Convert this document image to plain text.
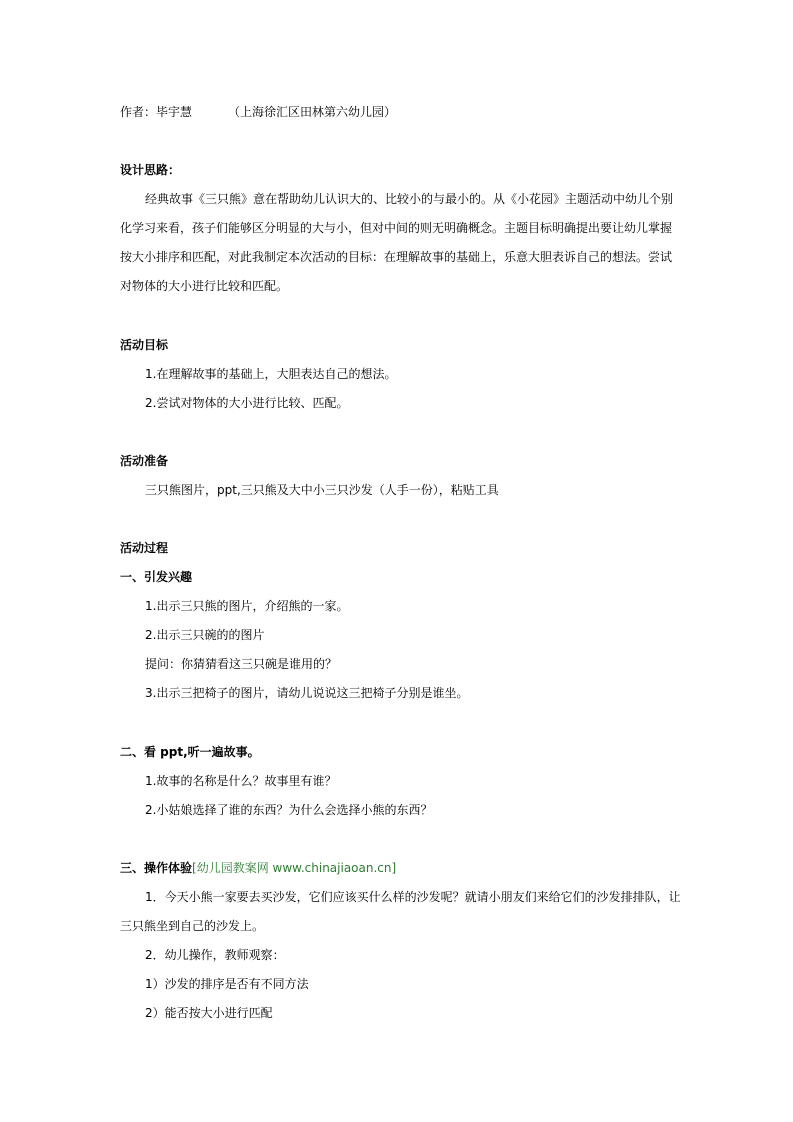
作者：毕宇慧	（上海徐汇区田林第六幼儿园）
设计思路：
经典故事《三只熊》意在帮助幼儿认识大的、比较小的与最小的。从《小花园》主题活动中幼儿个别
化学习来看，孩子们能够区分明显的大与小，但对中间的则无明确概念。主题目标明确提出要让幼儿掌握
按大小排序和匹配，对此我制定本次活动的目标：在理解故事的基础上，乐意大胆表诉自己的想法。尝试
对物体的大小进行比较和匹配。
活动目标
1.在理解故事的基础上，大胆表达自己的想法。
2.尝试对物体的大小进行比较、匹配。
活动准备
三只熊图片，ppt,三只熊及大中小三只沙发（人手一份），粘贴工具
活动过程
一、引发兴趣
1.出示三只熊的图片，介绍熊的一家。
2.出示三只碗的的图片
提问：你猜猜看这三只碗是谁用的？
3.出示三把椅子的图片，请幼儿说说这三把椅子分别是谁坐。
二、看 ppt,听一遍故事。
1.故事的名称是什么？故事里有谁？
2.小姑娘选择了谁的东西？为什么会选择小熊的东西？
三、操作体验[幼儿园教案网 www.chinajiaoan.cn]
1．今天小熊一家要去买沙发，它们应该买什么样的沙发呢？就请小朋友们来给它们的沙发排排队，让
三只熊坐到自己的沙发上。
2．幼儿操作，教师观察：
1）沙发的排序是否有不同方法
2）能否按大小进行匹配
